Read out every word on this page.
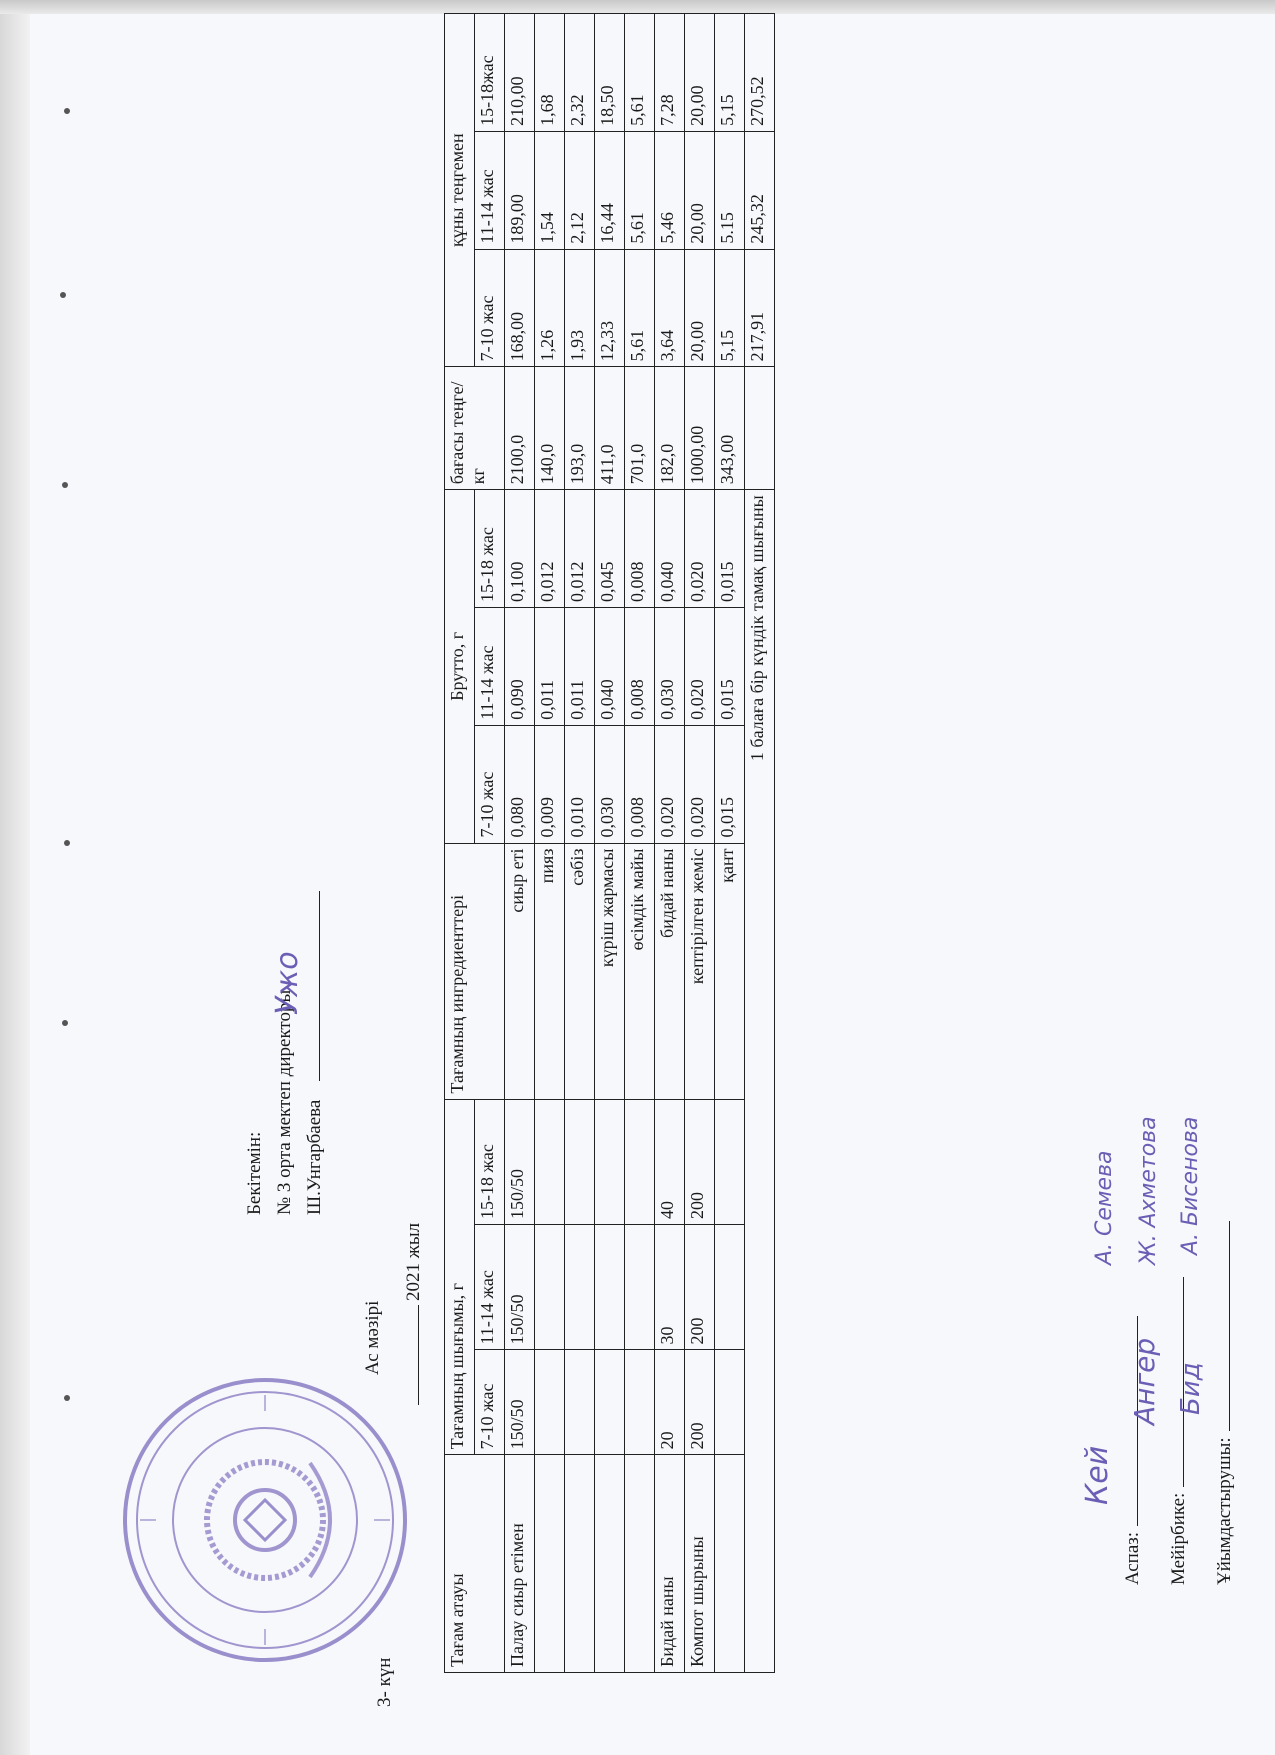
Бекітемін: № 3 орта мектеп директоры Ш.Унгарбаева
Ужо
3- күн
Ас мәзірі
2021 жыл
Тағам атауы	Тағамның шығымы, г			Тағамның ингредиенттері	Брутто, г			бағасы теңге/ кг	құны теңгемен		
	7-10 жас	11-14 жас	15-18 жас		7-10 жас	11-14 жас	15-18 жас		7-10 жас	11-14 жас	15-18жас
Палау сиыр етімен	150/50	150/50	150/50	сиыр еті	0,080	0,090	0,100	2100,0	168,00	189,00	210,00
				пияз	0,009	0,011	0,012	140,0	1,26	1,54	1,68
				сәбіз	0,010	0,011	0,012	193,0	1,93	2,12	2,32
				күріш жармасы	0,030	0,040	0,045	411,0	12,33	16,44	18,50
				өсімдік майы	0,008	0,008	0,008	701,0	5,61	5,61	5,61
Бидай наны	20	30	40	бидай наны	0,020	0,030	0,040	182,0	3,64	5,46	7,28
Компот шырыны	200	200	200	кептірілген жеміс	0,020	0,020	0,020	1000,00	20,00	20,00	20,00
				қант	0,015	0,015	0,015	343,00	5,15	5.15	5,15
1 балаға бір күндік тамақ шығыны									217,91	245,32	270,52
Аспаз:	Мейірбике:	Ұйымдастырушы:
Кей
А. Семева
Ангер
Ж. Ахметова
Бид
А. Бисенова
